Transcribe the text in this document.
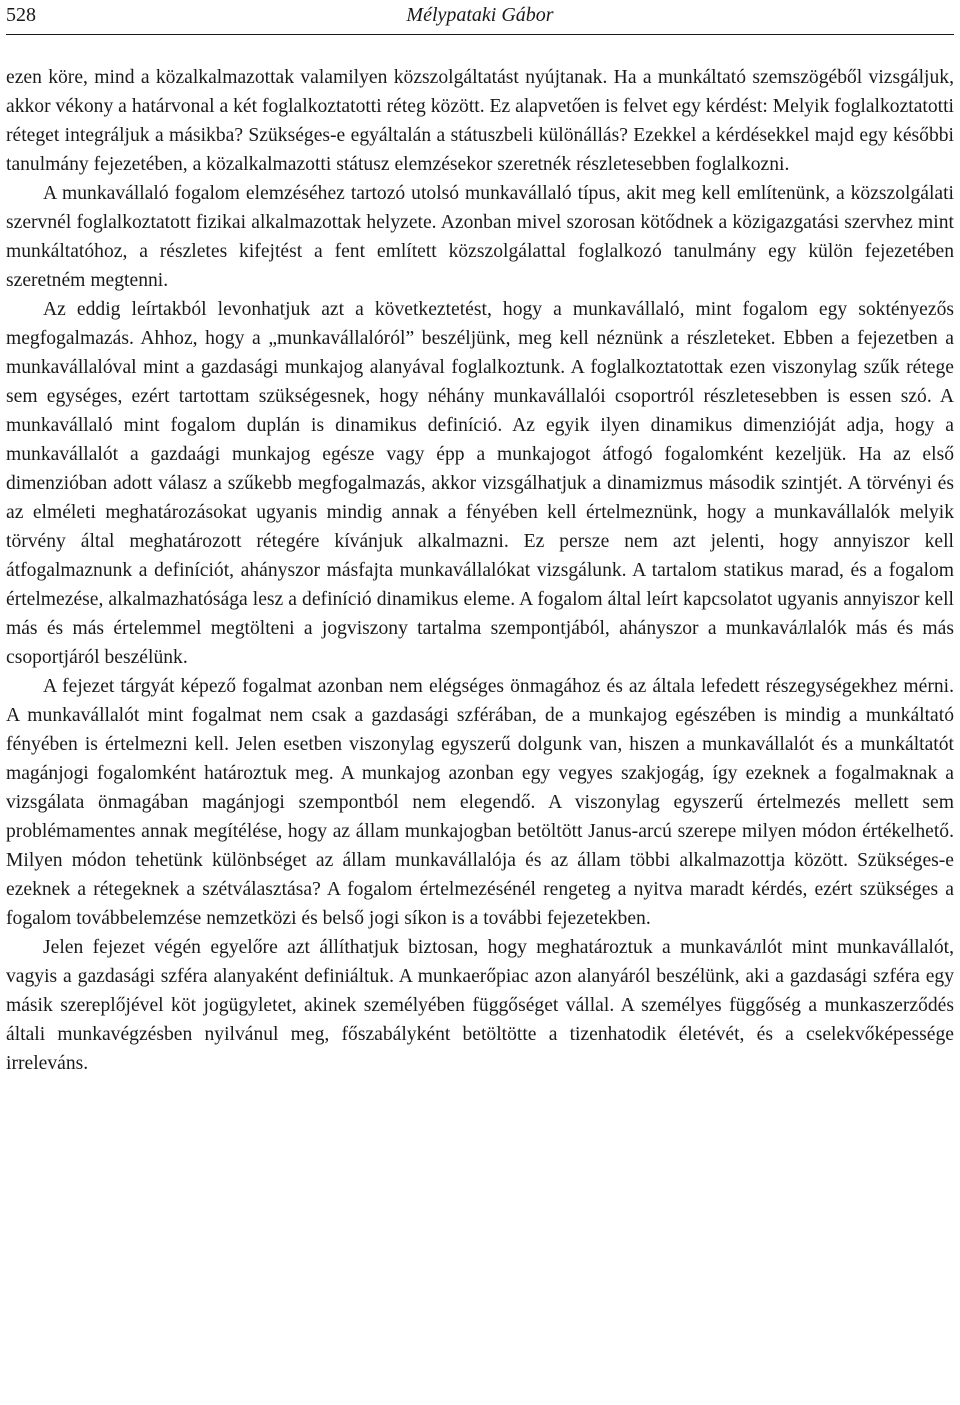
528	Mélypataki Gábor

ezen köre, mind a közalkalmazottak valamilyen közszolgáltatást nyújtanak. Ha a munkáltató szemszögéből vizsgáljuk, akkor vékony a határvonal a két foglalkoztatotti réteg között. Ez alapvetően is felvet egy kérdést: Melyik foglalkoztatotti réteget integráljuk a másikba? Szükséges-e egyáltalán a státuszbeli különállás? Ezekkel a kérdésekkel majd egy későbbi tanulmány fejezetében, a közalkalmazotti státusz elemzésekor szeretnék részletesebben foglalkozni.

A munkavállaló fogalom elemzéséhez tartozó utolsó munkavállaló típus, akit meg kell említenünk, a közszolgálati szervnél foglalkoztatott fizikai alkalmazottak helyzete. Azonban mivel szorosan kötődnek a közigazgatási szervhez mint munkáltatóhoz, a részletes kifejtést a fent említett közszolgálattal foglalkozó tanulmány egy külön fejezetében szeretném megtenni.

Az eddig leírtakból levonhatjuk azt a következtetést, hogy a munkavállaló, mint fogalom egy soktényezős megfogalmazás. Ahhoz, hogy a „munkavállalóról” beszéljünk, meg kell néznünk a részleteket. Ebben a fejezetben a munkavállalóval mint a gazdasági munkajog alanyával foglalkoztunk. A foglalkoztatottak ezen viszonylag szűk rétege sem egységes, ezért tartottam szükségesnek, hogy néhány munkavállalói csoportról részletesebben is essen szó. A munkavállaló mint fogalom duplán is dinamikus definíció. Az egyik ilyen dinamikus dimenzióját adja, hogy a munkavállalót a gazdaági munkajog egésze vagy épp a munkajogot átfogó fogalomként kezeljük. Ha az első dimenzióban adott válasz a szűkebb megfogalmazás, akkor vizsgálhatjuk a dinamizmus második szintjét. A törvényi és az elméleti meghatározásokat ugyanis mindig annak a fényében kell értelmeznünk, hogy a munkavállаlók melyik törvény által meghatározott rétegére kívánjuk alkalmazni. Ez persze nem azt jelenti, hogy annyiszor kell átfogalmaznunk a definíciót, ahányszor másfajta munkavállalókat vizsgálunk. A tartalom statikus marad, és a fogalom értelmezése, alkalmazhatósága lesz a definíció dinamikus eleme. A fogalom által leírt kapcsolatot ugyanis annyiszor kell más és más értelemmel megtölteni a jogviszony tartalma szempontjából, ahányszor a munkaváлlalók más és más csoportjáról beszélünk.

A fejezet tárgyát képező fogalmat azonban nem elégséges önmagához és az általa lefedett részegységekhez mérni. A munkavállalót mint fogalmat nem csak a gazdasági szférában, de a munkajog egészében is mindig a munkáltató fényében is értelmezni kell. Jelen esetben viszonylag egyszerű dolgunk van, hiszen a munkavállalót és a munkáltatót magánjogi fogalomként határoztuk meg. A munkajog azonban egy vegyes szakjogág, így ezeknek a fogalmaknak a vizsgálata önmagában magánjogi szempontból nem elegendő. A viszonylag egyszerű értelmezés mellett sem problémamentes annak megítélése, hogy az állam munkajogban betöltött Janus-arcú szerepe milyen módon értékelhető. Milyen módon tehetünk különbséget az állam munkavállalója és az állam többi alkalmazottja között. Szükséges-e ezeknek a rétegeknek a szétválasztása? A fogalom értelmezésénél rengeteg a nyitva maradt kérdés, ezért szükséges a fogalom továbbelemzése nemzetközi és belső jogi síkon is a további fejezetekben.

Jelen fejezet végén egyelőre azt állíthatjuk biztosan, hogy meghatároztuk a munkaváлlót mint munkavállalót, vagyis a gazdasági szféra alanyaként definiáltuk. A munkaerőpiac azon alanyáról beszélünk, aki a gazdasági szféra egy másik szereplőjével köt jogügyletet, akinek személyében függőséget vállal. A személyes függőség a munkaszerződés általi munkavégzésben nyilvánul meg, főszabályként betöltötte a tizenhatodik életévét, és a cselekvőképessége irreleváns.
